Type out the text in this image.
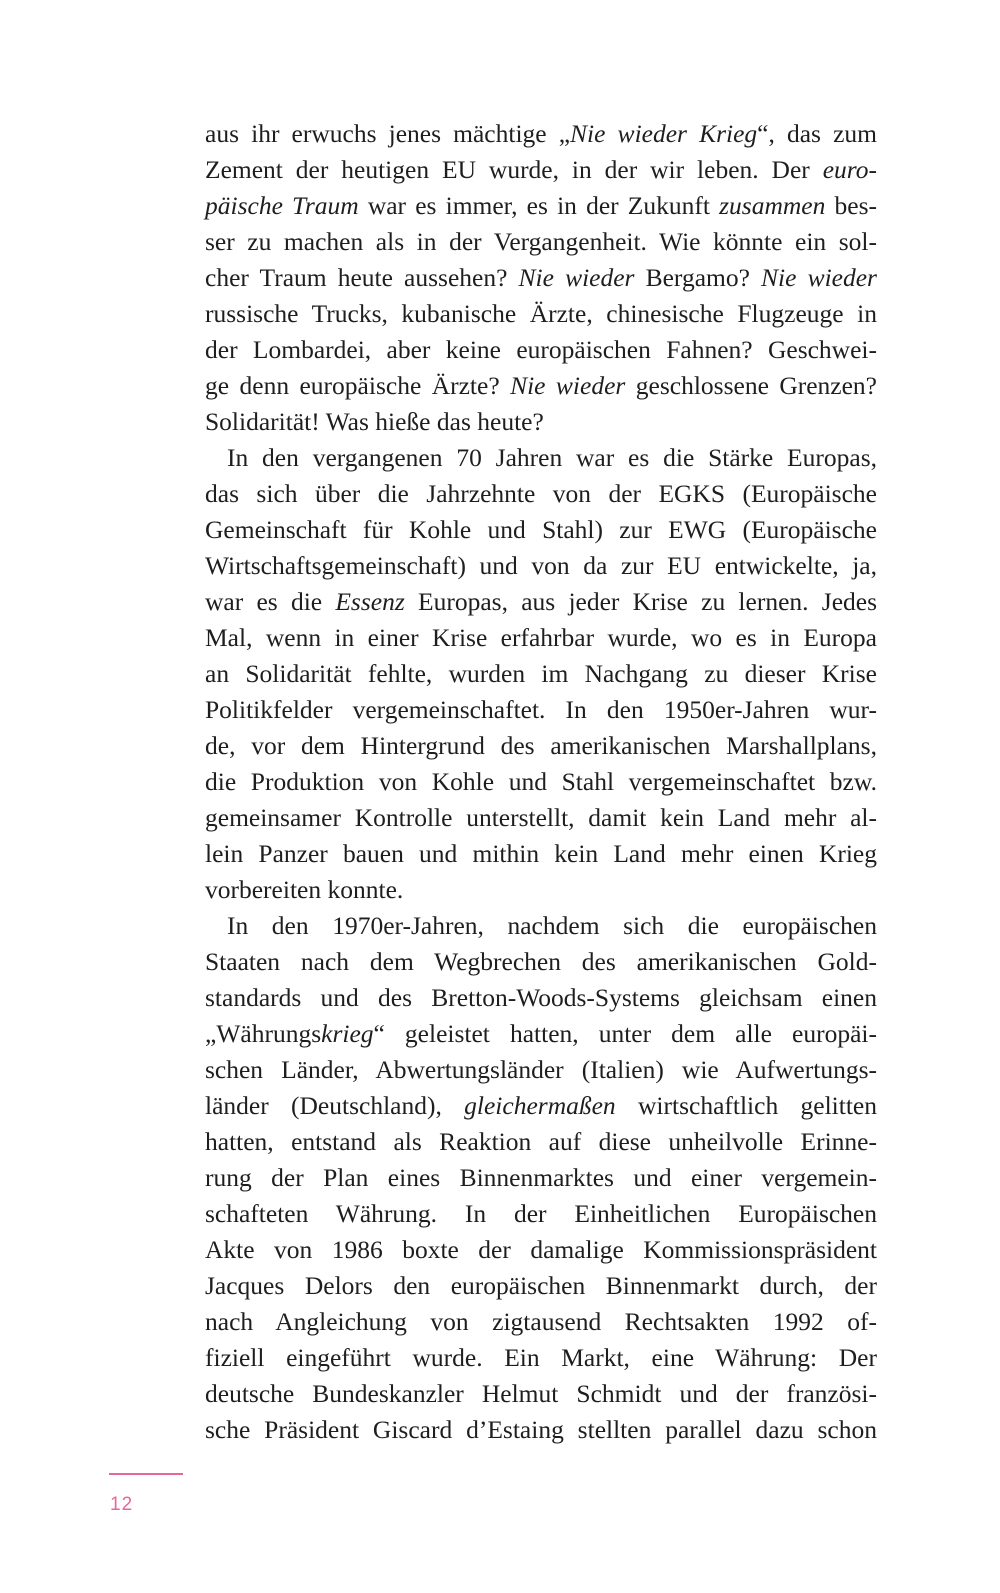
aus ihr erwuchs jenes mächtige „Nie wieder Krieg“, das zum
Zement der heutigen EU wurde, in der wir leben. Der euro-
päische Traum war es immer, es in der Zukunft zusammen bes-
ser zu machen als in der Vergangenheit. Wie könnte ein sol-
cher Traum heute aussehen? Nie wieder Bergamo? Nie wieder
russische Trucks, kubanische Ärzte, chinesische Flugzeuge in
der Lombardei, aber keine europäischen Fahnen? Geschwei-
ge denn europäische Ärzte? Nie wieder geschlossene Grenzen?
Solidarität! Was hieße das heute?
In den vergangenen 70 Jahren war es die Stärke Europas,
das sich über die Jahrzehnte von der EGKS (Europäische
Gemeinschaft für Kohle und Stahl) zur EWG (Europäische
Wirtschaftsgemeinschaft) und von da zur EU entwickelte, ja,
war es die Essenz Europas, aus jeder Krise zu lernen. Jedes
Mal, wenn in einer Krise erfahrbar wurde, wo es in Europa
an Solidarität fehlte, wurden im Nachgang zu dieser Krise
Politikfelder vergemeinschaftet. In den 1950er-Jahren wur-
de, vor dem Hintergrund des amerikanischen Marshallplans,
die Produktion von Kohle und Stahl vergemeinschaftet bzw.
gemeinsamer Kontrolle unterstellt, damit kein Land mehr al-
lein Panzer bauen und mithin kein Land mehr einen Krieg
vorbereiten konnte.
In den 1970er-Jahren, nachdem sich die europäischen
Staaten nach dem Wegbrechen des amerikanischen Gold-
standards und des Bretton-Woods-Systems gleichsam einen
„Währungskrieg“ geleistet hatten, unter dem alle europäi-
schen Länder, Abwertungsländer (Italien) wie Aufwertungs-
länder (Deutschland), gleichermaßen wirtschaftlich gelitten
hatten, entstand als Reaktion auf diese unheilvolle Erinne-
rung der Plan eines Binnenmarktes und einer vergemein-
schafteten Währung. In der Einheitlichen Europäischen
Akte von 1986 boxte der damalige Kommissionspräsident
Jacques Delors den europäischen Binnenmarkt durch, der
nach Angleichung von zigtausend Rechtsakten 1992 of-
fiziell eingeführt wurde. Ein Markt, eine Währung: Der
deutsche Bundeskanzler Helmut Schmidt und der französi-
sche Präsident Giscard d’Estaing stellten parallel dazu schon
12
